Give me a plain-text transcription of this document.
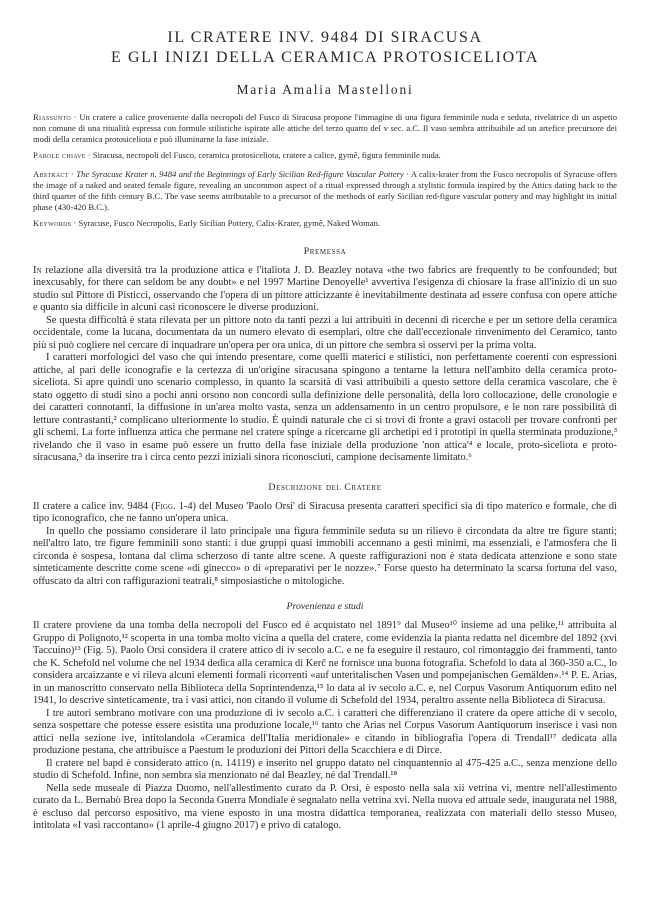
IL CRATERE INV. 9484 DI SIRACUSA
E GLI INIZI DELLA CERAMICA PROTOSICELIOTA
Maria Amalia Mastelloni

Riassunto · Un cratere a calice proveniente dalla necropoli del Fusco di Siracusa propone l'immagine di una figura femminile nuda e seduta, rivelatrice di un aspetto non comune di una ritualità espressa con formule stilistiche ispirate alle attiche del terzo quarto del v sec. a.C. Il vaso sembra attribuibile ad un artefice precursore dei modi della ceramica protosiceliota e può illuminarne la fase iniziale.

Parole chiave · Siracusa, necropoli del Fusco, ceramica protosiceliota, cratere a calice, gymê, figura femminile nuda.

Abstract · The Syracuse Krater n. 9484 and the Beginnings of Early Sicilian Red-figure Vascular Pottery · A calix-krater from the Fusco necropolis of Syracuse offers the image of a naked and seated female figure, revealing an uncommon aspect of a ritual expressed through a stylistic formula inspired by the Attics dating back to the third quarter of the fifth century B.C. The vase seems attributable to a precursor of the methods of early Sicilian red-figure vascular pottery and may highlight its initial phase (430-420 B.C.).

Keywords · Syracuse, Fusco Necropolis, Early Sicilian Pottery, Calix-Krater, gymê, Naked Woman.

Premessa

In relazione alla diversità tra la produzione attica e l'italiota J. D. Beazley notava «the two fabrics are frequently to be confounded; but inexcusably, for there can seldom be any doubt» e nel 1997 Martine Denoyelle¹ avvertiva l'esigenza di chiosare la frase all'inizio di un suo studio sul Pittore di Pisticci, osservando che l'opera di un pittore atticizzante è inevitabilmente destinata ad essere confusa con opere attiche e quanto sia difficile in alcuni casi riconoscere le diverse produzioni.

Se questa difficoltà è stata rilevata per un pittore noto da tanti pezzi a lui attribuiti in decenni di ricerche e per un settore della ceramica occidentale, come la lucana, documentata da un numero elevato di esemplari, oltre che dall'eccezionale rinvenimento del Ceramico, tanto più si può cogliere nel cercare di inquadrare un'opera per ora unica, di un pittore che sembra si osservi per la prima volta.

I caratteri morfologici del vaso che qui intendo presentare, come quelli materici e stilistici, non perfettamente coerenti con espressioni attiche, al pari delle iconografie e la certezza di un'origine siracusana spingono a tentarne la lettura nell'ambito della ceramica proto-siceliota. Si apre quindi uno scenario complesso, in quanto la scarsità di vasi attribuibili a questo settore della ceramica vascolare, che è stato oggetto di studi sino a pochi anni orsono non concordi sulla definizione delle personalità, della loro collocazione, delle cronologie e dei caratteri connotanti, la diffusione in un'area molto vasta, senza un addensamento in un centro propulsore, e le non rare possibilità di letture contrastanti,² complicano ulteriormente lo studio. È quindi naturale che ci si trovi di fronte a gravi ostacoli per trovare confronti per gli schemi. La forte influenza attica che permane nel cratere spinge a ricercarne gli archetipi ed i prototipi in quella sterminata produzione,³ rivelando che il vaso in esame può essere un frutto della fase iniziale della produzione 'non attica'⁴ e locale, proto-siceliota e proto-siracusana,⁵ da inserire tra i circa cento pezzi iniziali sinora riconosciuti, campione decisamente limitato.⁶

Descrizione del Cratere

Il cratere a calice inv. 9484 (Figg. 1-4) del Museo 'Paolo Orsi' di Siracusa presenta caratteri specifici sia di tipo materico e formale, che di tipo iconografico, che ne fanno un'opera unica.

In quello che possiamo considerare il lato principale una figura femminile seduta su un rilievo è circondata da altre tre figure stanti; nell'altro lato, tre figure femminili sono stanti: i due gruppi quasi immobili accennano a gesti minimi, ma essenziali, e l'atmosfera che li circonda è sospesa, lontana dal clima scherzoso di tante altre scene. A queste raffigurazioni non è stata dedicata attenzione e sono state sinteticamente descritte come scene «di ginecco» o di «preparativi per le nozze».⁷ Forse questo ha determinato la scarsa fortuna del vaso, offuscato da altri con raffigurazioni teatrali,⁸ simposiastiche o mitologiche.

Provenienza e studi

Il cratere proviene da una tomba della necropoli del Fusco ed è acquistato nel 1891⁹ dal Museo¹⁰ insieme ad una pelike,¹¹ attribuita al Gruppo di Polignoto,¹² scoperta in una tomba molto vicina a quella del cratere, come evidenzia la pianta redatta nel dicembre del 1892 (xvi Taccuino)¹³ (Fig. 5). Paolo Orsi considera il cratere attico di iv secolo a.C. e ne fa eseguire il restauro, col rimontaggio dei frammenti, tanto che K. Schefold nel volume che nel 1934 dedica alla ceramica di Kerč ne fornisce una buona fotografia. Schefold lo data al 360-350 a.C., lo considera arcaizzante e vi rileva alcuni elementi formali ricorrenti «auf unteritalischen Vasen und pompejanischen Gemälden».¹⁴ P. E. Arias, in un manoscritto conservato nella Biblioteca della Soprintendenza,¹⁵ lo data al iv secolo a.C. e, nel Corpus Vasorum Antiquorum edito nel 1941, lo descrive sinteticamente, tra i vasi attici, non citando il volume di Schefold del 1934, peraltro assente nella Biblioteca di Siracusa.

I tre autori sembrano motivare con una produzione di iv secolo a.C. i caratteri che differenziano il cratere da opere attiche di v secolo, senza sospettare che potesse essere esistita una produzione locale,¹⁶ tanto che Arias nel Corpus Vasorum Aantiquorum inserisce i vasi non attici nella sezione ive, intitolandola «Ceramica dell'Italia meridionale» e citando in bibliografia l'opera di Trendall¹⁷ dedicata alla produzione pestana, che attribuisce a Paestum le produzioni dei Pittori della Scacchiera e di Dirce.

Il cratere nel bapd è considerato attico (n. 14119) e inserito nel gruppo datato nel cinquantennio al 475-425 a.C., senza menzione dello studio di Schefold. Infine, non sembra sia menzionato né dal Beazley, né dal Trendall.¹⁸

Nella sede museale di Piazza Duomo, nell'allestimento curato da P. Orsi, è esposto nella sala xii vetrina vi, mentre nell'allestimento curato da L. Bernabò Brea dopo la Seconda Guerra Mondiale è segnalato nella vetrina xvi. Nella nuova ed attuale sede, inaugurata nel 1988, è escluso dal percorso espositivo, ma viene esposto in una mostra didattica temporanea, realizzata con materiali dello stesso Museo, intitolata «I vasi raccontano» (1 aprile-4 giugno 2017) e privo di catalogo.
